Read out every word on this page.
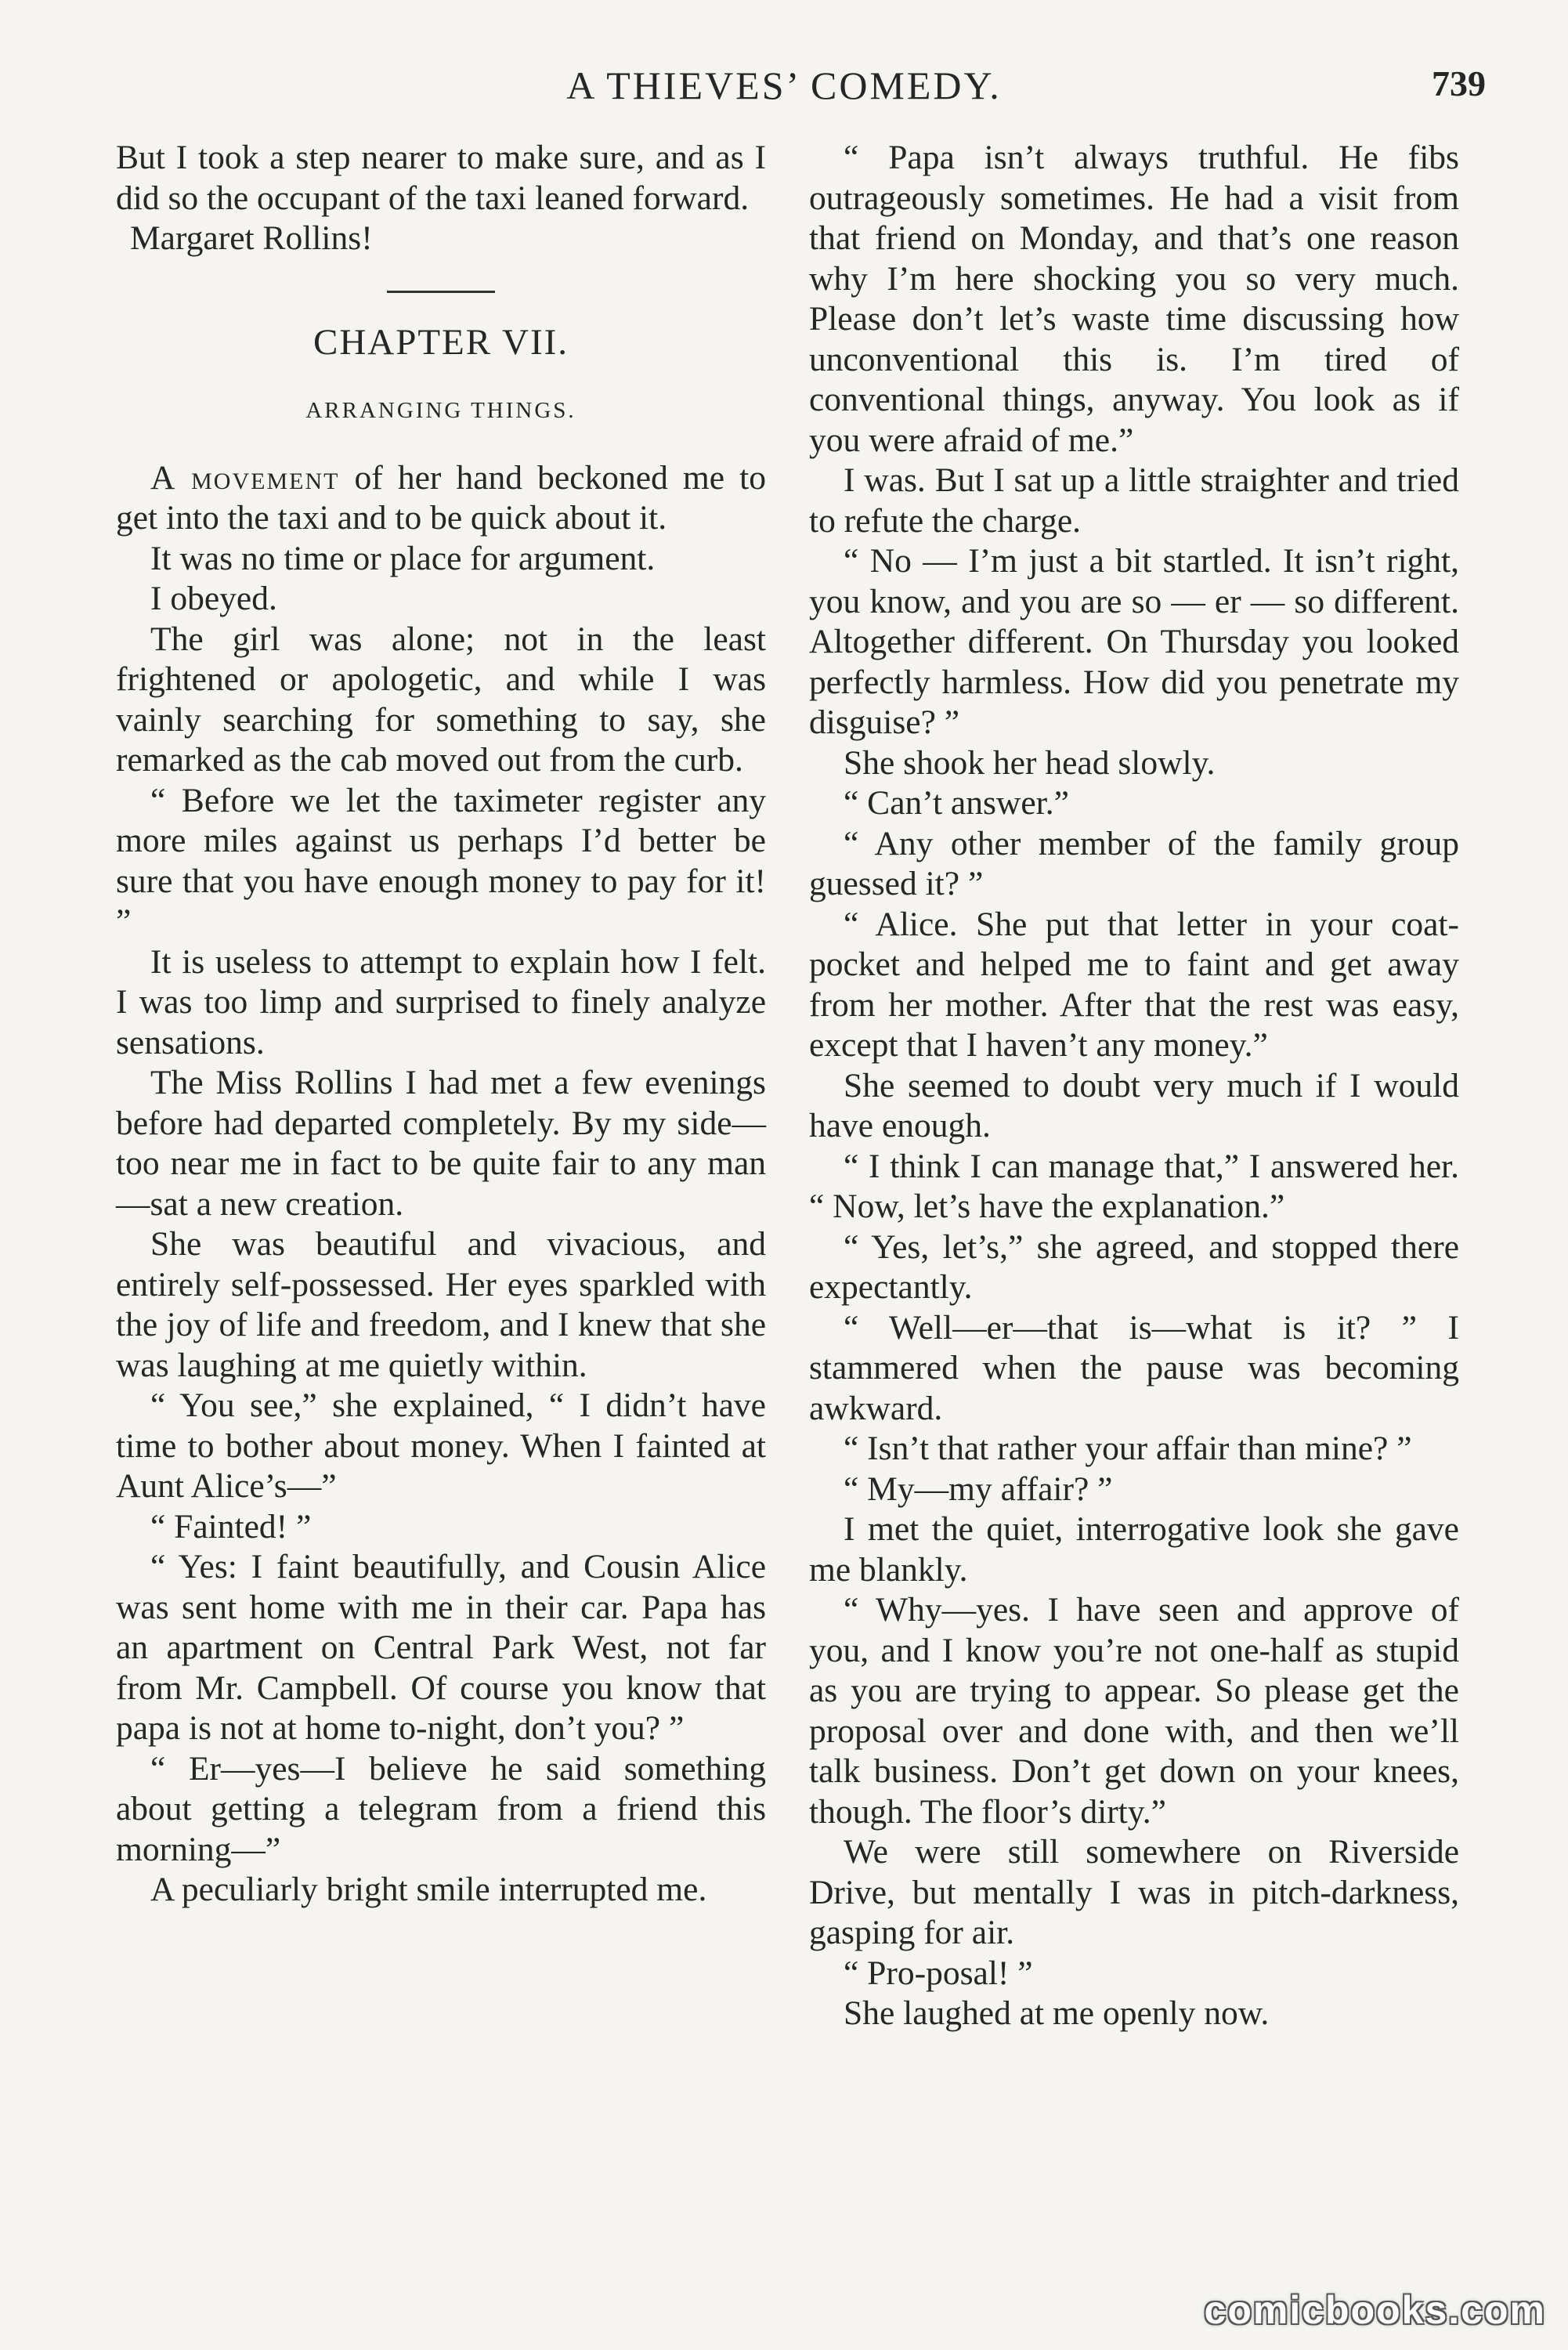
A THIEVES’ COMEDY.	739

But I took a step nearer to make sure, and as I did so the occupant of the taxi leaned forward.

Margaret Rollins!

CHAPTER VII.

ARRANGING THINGS.

A movement of her hand beckoned me to get into the taxi and to be quick about it.

It was no time or place for argument.

I obeyed.

The girl was alone; not in the least frightened or apologetic, and while I was vainly searching for something to say, she remarked as the cab moved out from the curb.

“ Before we let the taximeter register any more miles against us perhaps I’d better be sure that you have enough money to pay for it! ”

It is useless to attempt to explain how I felt. I was too limp and surprised to finely analyze sensations.

The Miss Rollins I had met a few evenings before had departed completely. By my side—too near me in fact to be quite fair to any man—sat a new creation.

She was beautiful and vivacious, and entirely self-possessed. Her eyes sparkled with the joy of life and freedom, and I knew that she was laughing at me quietly within.

“ You see,” she explained, “ I didn’t have time to bother about money. When I fainted at Aunt Alice’s—”

“ Fainted! ”

“ Yes: I faint beautifully, and Cousin Alice was sent home with me in their car. Papa has an apartment on Central Park West, not far from Mr. Campbell. Of course you know that papa is not at home to-night, don’t you? ”

“ Er—yes—I believe he said something about getting a telegram from a friend this morning—”

A peculiarly bright smile interrupted me.

“ Papa isn’t always truthful. He fibs outrageously sometimes. He had a visit from that friend on Monday, and that’s one reason why I’m here shocking you so very much. Please don’t let’s waste time discussing how unconventional this is. I’m tired of conventional things, anyway. You look as if you were afraid of me.”

I was. But I sat up a little straighter and tried to refute the charge.

“ No — I’m just a bit startled. It isn’t right, you know, and you are so — er — so different. Altogether different. On Thursday you looked perfectly harmless. How did you penetrate my disguise? ”

She shook her head slowly.

“ Can’t answer.”

“ Any other member of the family group guessed it? ”

“ Alice. She put that letter in your coat-pocket and helped me to faint and get away from her mother. After that the rest was easy, except that I haven’t any money.”

She seemed to doubt very much if I would have enough.

“ I think I can manage that,” I answered her. “ Now, let’s have the explanation.”

“ Yes, let’s,” she agreed, and stopped there expectantly.

“ Well—er—that is—what is it? ” I stammered when the pause was becoming awkward.

“ Isn’t that rather your affair than mine? ”

“ My—my affair? ”

I met the quiet, interrogative look she gave me blankly.

“ Why—yes. I have seen and approve of you, and I know you’re not one-half as stupid as you are trying to appear. So please get the proposal over and done with, and then we’ll talk business. Don’t get down on your knees, though. The floor’s dirty.”

We were still somewhere on Riverside Drive, but mentally I was in pitch-darkness, gasping for air.

“ Pro-posal! ”

She laughed at me openly now.

comicbooks.com
